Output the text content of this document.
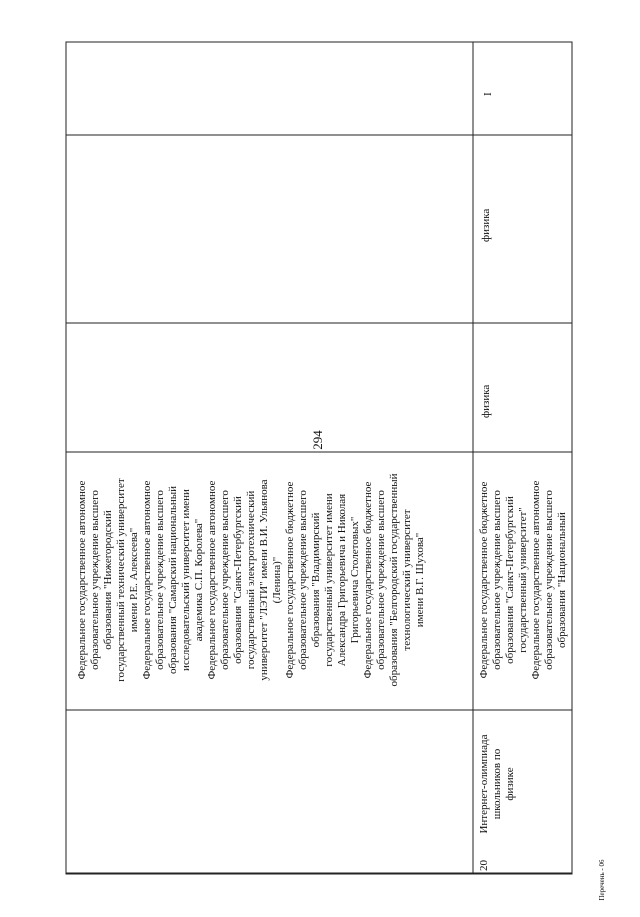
294
Федеральное государственное автономное образовательное учреждение высшего образования "Нижегородский государственный технический университет имени Р.Е. Алексеева" Федеральное государственное автономное образовательное учреждение высшего образования "Самарский национальный исследовательский университет имени академика С.П. Королева" Федеральное государственное автономное образовательное учреждение высшего образования "Санкт-Петербургский государственный электротехнический университет "ЛЭТИ" имени В.И. Ульянова (Ленина)" Федеральное государственное бюджетное образовательное учреждение высшего образования "Владимирский государственный университет имени Александра Григорьевича и Николая Григорьевича Столетовых" Федеральное государственное бюджетное образовательное учреждение высшего образования "Белгородский государственный технологический университет имени В.Г. Шухова"
20
Интернет-олимпиада школьников по физике
Федеральное государственное бюджетное образовательное учреждение высшего образования "Санкт-Петербургский государственный университет" Федеральное государственное автономное образовательное учреждение высшего образования "Национальный
физика
физика
I
Перечень - 06
